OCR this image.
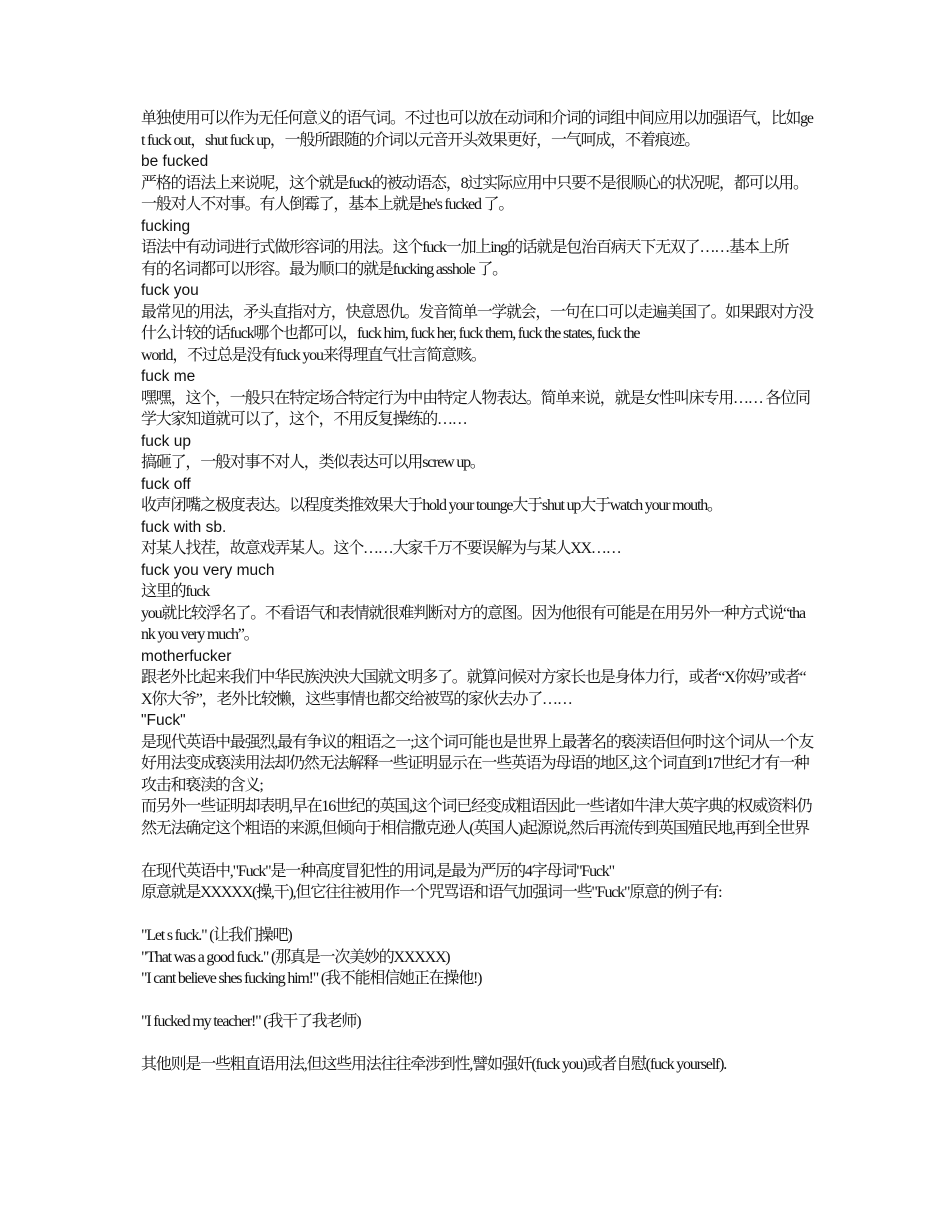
单独使用可以作为无任何意义的语气词。不过也可以放在动词和介词的词组中间应用以加强语气，比如ge
t fuck out，shut fuck up，一般所跟随的介词以元音开头效果更好，一气呵成，不着痕迹。
be fucked
严格的语法上来说呢，这个就是fuck的被动语态，8过实际应用中只要不是很顺心的状况呢，都可以用。
一般对人不对事。有人倒霉了，基本上就是he's fucked 了。
fucking
语法中有动词进行式做形容词的用法。这个fuck一加上ing的话就是包治百病天下无双了……基本上所
有的名词都可以形容。最为顺口的就是fucking asshole 了。
fuck you
最常见的用法，矛头直指对方，快意恩仇。发音简单一学就会，一句在口可以走遍美国了。如果跟对方没
什么计较的话fuck哪个也都可以，fuck him, fuck her, fuck them, fuck the states, fuck the
world，不过总是没有fuck you来得理直气壮言简意赅。
fuck me
嘿嘿，这个，一般只在特定场合特定行为中由特定人物表达。简单来说，就是女性叫床专用…… 各位同
学大家知道就可以了，这个，不用反复操练的……
fuck up
搞砸了，一般对事不对人，类似表达可以用screw up。
fuck off
收声闭嘴之极度表达。以程度类推效果大于hold your tounge大于shut up大于watch your mouth。
fuck with sb.
对某人找茬，故意戏弄某人。这个……大家千万不要误解为与某人XX……
fuck you very much
这里的fuck
you就比较浮名了。不看语气和表情就很难判断对方的意图。因为他很有可能是在用另外一种方式说“tha
nk you very much”。
motherfucker
跟老外比起来我们中华民族泱泱大国就文明多了。就算问候对方家长也是身体力行，或者“X你妈”或者“
X你大爷”，老外比较懒，这些事情也都交给被骂的家伙去办了……
"Fuck"
是现代英语中最强烈,最有争议的粗语之一;这个词可能也是世界上最著名的亵渎语但何时这个词从一个友
好用法变成亵渎用法却仍然无法解释一些证明显示在一些英语为母语的地区,这个词直到17世纪才有一种
攻击和亵渎的含义;
而另外一些证明却表明,早在16世纪的英国,这个词已经变成粗语因此一些诸如牛津大英字典的权威资料仍
然无法确定这个粗语的来源,但倾向于相信撒克逊人(英国人)起源说,然后再流传到英国殖民地,再到全世界
在现代英语中,"Fuck"是一种高度冒犯性的用词,是最为严厉的4字母词"Fuck"
原意就是XXXXX(操,干),但它往往被用作一个咒骂语和语气加强词一些"Fuck"原意的例子有:
"Let s fuck." (让我们操吧)
"That was a good fuck." (那真是一次美妙的XXXXX)
"I cant believe shes fucking him!" (我不能相信她正在操他!)
"I fucked my teacher!" (我干了我老师)
其他则是一些粗直语用法,但这些用法往往牵涉到性,譬如强奸(fuck you)或者自慰(fuck yourself).
